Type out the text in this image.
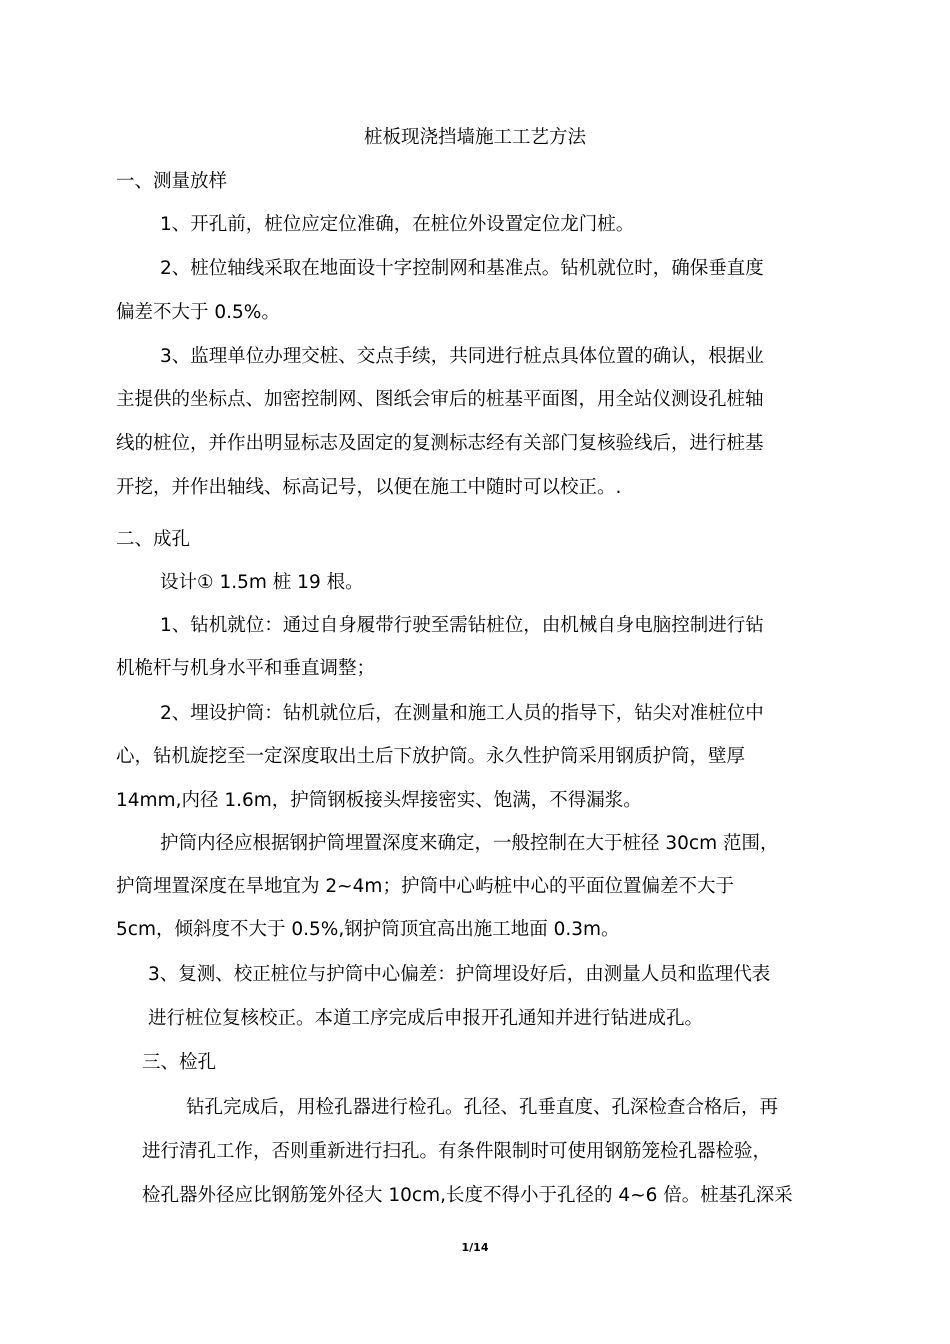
桩板现浇挡墙施工工艺方法

一、测量放样

1、开孔前，桩位应定位准确，在桩位外设置定位龙门桩。

2、桩位轴线采取在地面设十字控制网和基准点。钻机就位时，确保垂直度

偏差不大于 0.5%。

3、监理单位办理交桩、交点手续，共同进行桩点具体位置的确认，根据业

主提供的坐标点、加密控制网、图纸会审后的桩基平面图，用全站仪测设孔桩轴

线的桩位，并作出明显标志及固定的复测标志经有关部门复核验线后，进行桩基

开挖，并作出轴线、标高记号，以便在施工中随时可以校正。.

二、成孔

设计① 1.5m 桩 19 根。

1、钻机就位：通过自身履带行驶至需钻桩位，由机械自身电脑控制进行钻

机桅杆与机身水平和垂直调整；

2、埋设护筒：钻机就位后，在测量和施工人员的指导下，钻尖对准桩位中

心，钻机旋挖至一定深度取出土后下放护筒。永久性护筒采用钢质护筒，壁厚

14mm,内径 1.6m，护筒钢板接头焊接密实、饱满，不得漏浆。

护筒内径应根据钢护筒埋置深度来确定，一般控制在大于桩径 30cm 范围，

护筒埋置深度在旱地宜为 2~4m；护筒中心屿桩中心的平面位置偏差不大于

5cm，倾斜度不大于 0.5%,钢护筒顶宜高出施工地面 0.3m。

3、复测、校正桩位与护筒中心偏差：护筒埋设好后，由测量人员和监理代表

进行桩位复核校正。本道工序完成后申报开孔通知并进行钻进成孔。

三、检孔

钻孔完成后，用检孔器进行检孔。孔径、孔垂直度、孔深检查合格后，再

进行清孔工作，否则重新进行扫孔。有条件限制时可使用钢筋笼检孔器检验，

检孔器外径应比钢筋笼外径大 10cm,长度不得小于孔径的 4~6 倍。桩基孔深采

1/14
